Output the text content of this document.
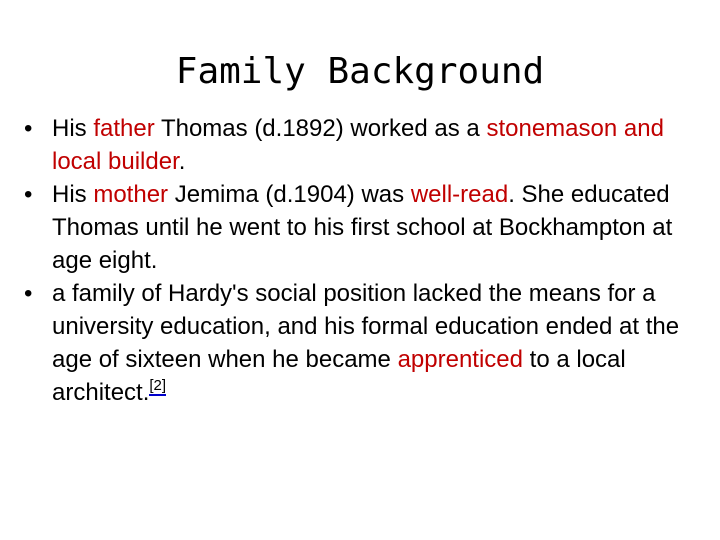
Family Background
• His father Thomas (d.1892) worked as a stonemason and local builder.
• His mother Jemima (d.1904) was well-read. She educated Thomas until he went to his first school at Bockhampton at age eight.
• a family of Hardy's social position lacked the means for a university education, and his formal education ended at the age of sixteen when he became apprenticed to a local architect.[2]
